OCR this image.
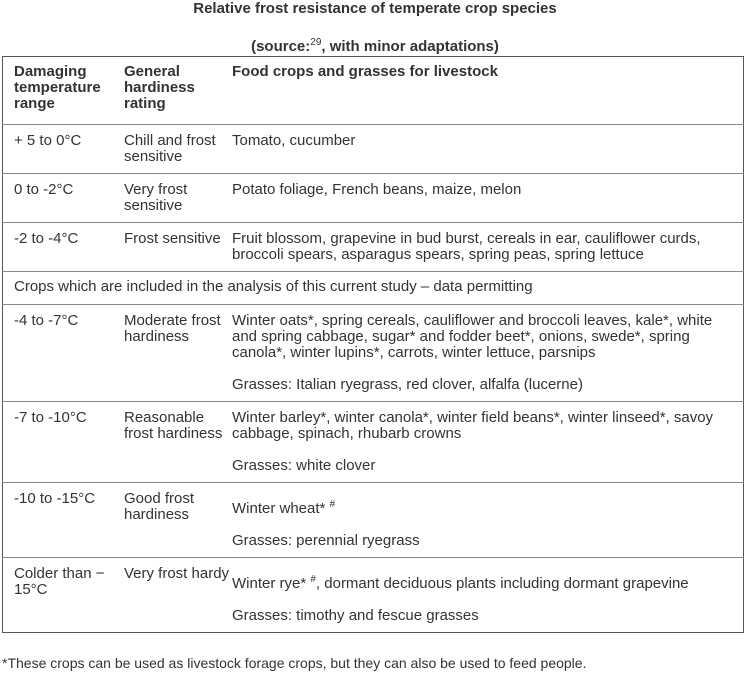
Relative frost resistance of temperate crop species
(source:$^{29}$, with minor adaptations)
Damaging temperature range	General hardiness rating	Food crops and grasses for livestock
+ 5 to 0°C	Chill and frost sensitive	Tomato, cucumber
0 to -2°C	Very frost sensitive	Potato foliage, French beans, maize, melon
-2 to -4°C	Frost sensitive	Fruit blossom, grapevine in bud burst, cereals in ear, cauliflower curds, broccoli spears, asparagus spears, spring peas, spring lettuce
Crops which are included in the analysis of this current study – data permitting		
-4 to -7°C	Moderate frost hardiness	Winter oats*, spring cereals, cauliflower and broccoli leaves, kale*, white and spring cabbage, sugar* and fodder beet*, onions, swede*, spring canola*, winter lupins*, carrots, winter lettuce, parsnips
Grasses: Italian ryegrass, red clover, alfalfa (lucerne)

-7 to -10°C	Reasonable frost hardiness	Winter barley*, winter canola*, winter field beans*, winter linseed*, savoy cabbage, spinach, rhubarb crowns
Grasses: white clover

-10 to -15°C	Good frost hardiness	Winter wheat* #
Grasses: perennial ryegrass

Colder than − 15°C	Very frost hardy	Winter rye* #, dormant deciduous plants including dormant grapevine
Grasses: timothy and fescue grasses
*These crops can be used as livestock forage crops, but they can also be used to feed people.
